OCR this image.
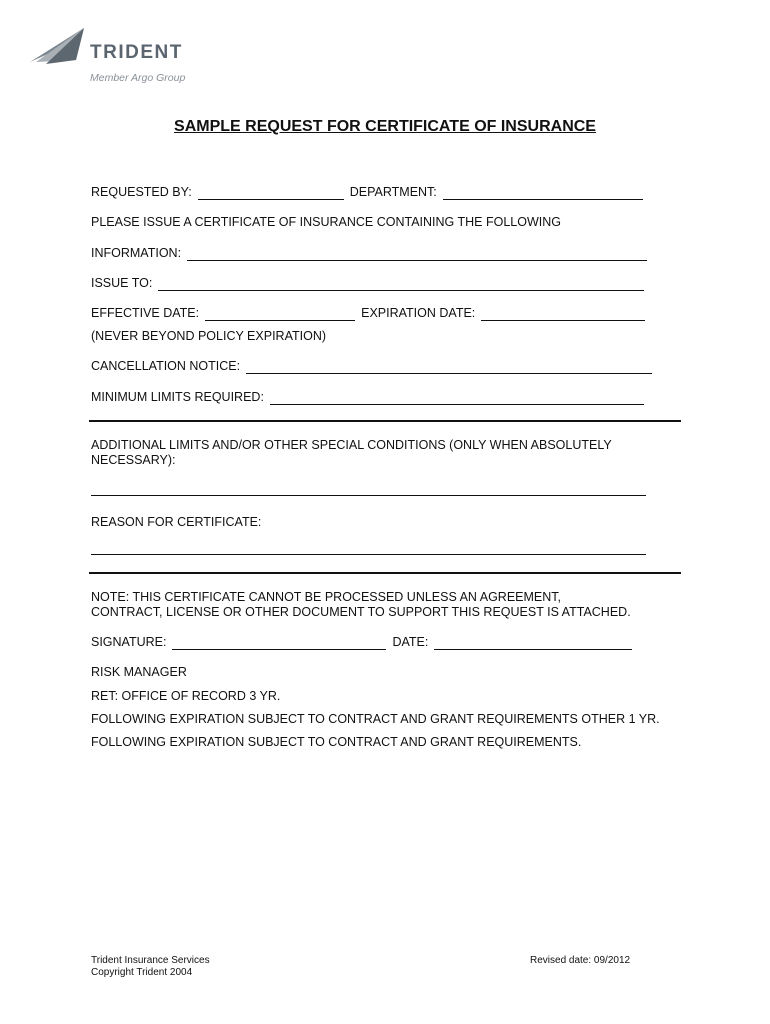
TRIDENT
Member Argo Group
SAMPLE REQUEST FOR CERTIFICATE OF INSURANCE
REQUESTED BY:	DEPARTMENT:
PLEASE ISSUE A CERTIFICATE OF INSURANCE CONTAINING THE FOLLOWING
INFORMATION:
ISSUE TO:
EFFECTIVE DATE:	EXPIRATION DATE:
(NEVER BEYOND POLICY EXPIRATION)
CANCELLATION NOTICE:
MINIMUM LIMITS REQUIRED:
ADDITIONAL LIMITS AND/OR OTHER SPECIAL CONDITIONS (ONLY WHEN ABSOLUTELY
NECESSARY):
REASON FOR CERTIFICATE:
NOTE: THIS CERTIFICATE CANNOT BE PROCESSED UNLESS AN AGREEMENT,
CONTRACT, LICENSE OR OTHER DOCUMENT TO SUPPORT THIS REQUEST IS ATTACHED.
SIGNATURE:	DATE:
RISK MANAGER
RET: OFFICE OF RECORD 3 YR.
FOLLOWING EXPIRATION SUBJECT TO CONTRACT AND GRANT REQUIREMENTS OTHER 1 YR.
FOLLOWING EXPIRATION SUBJECT TO CONTRACT AND GRANT REQUIREMENTS.
Trident Insurance Services
Copyright Trident 2004
Revised date: 09/2012
